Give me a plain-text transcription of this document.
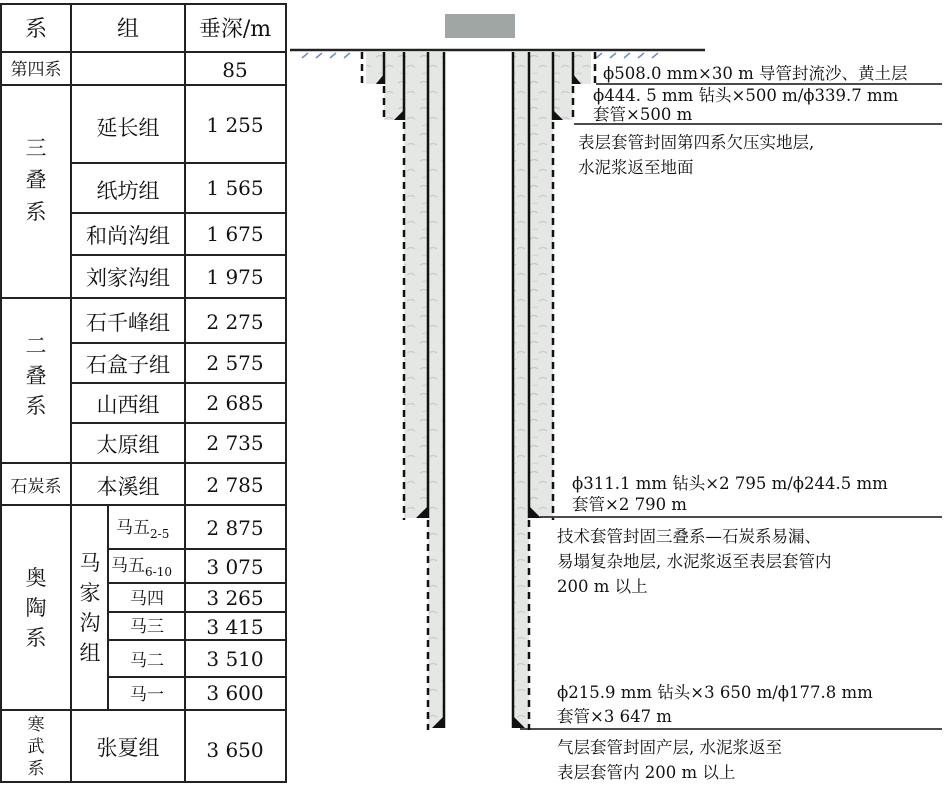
系	组	垂深/m
第四系
三叠系
二叠系
石炭系
奥陶系
寒武系
马家沟组
延长组
纸坊组
和尚沟组
刘家沟组
石千峰组
石盒子组
山西组
太原组
本溪组
马五$_{2-5}$
马五$_{6-10}$
马四
马三
马二
马一
张夏组
85
1 255
1 565
1 675
1 975
2 275
2 575
2 685
2 735
2 785
2 875
3 075
3 265
3 415
3 510
3 600
3 650
ϕ508.0 mm×30 m 导管封流沙、黄土层
ϕ444. 5 mm 钻头×500 m/ϕ339.7 mm
套管×500 m
表层套管封固第四系欠压实地层,
水泥浆返至地面
ϕ311.1 mm 钻头×2 795 m/ϕ244.5 mm
套管×2 790 m
技术套管封固三叠系—石炭系易漏、
易塌复杂地层, 水泥浆返至表层套管内
200 m 以上
ϕ215.9 mm 钻头×3 650 m/ϕ177.8 mm
套管×3 647 m
气层套管封固产层, 水泥浆返至
表层套管内 200 m 以上
